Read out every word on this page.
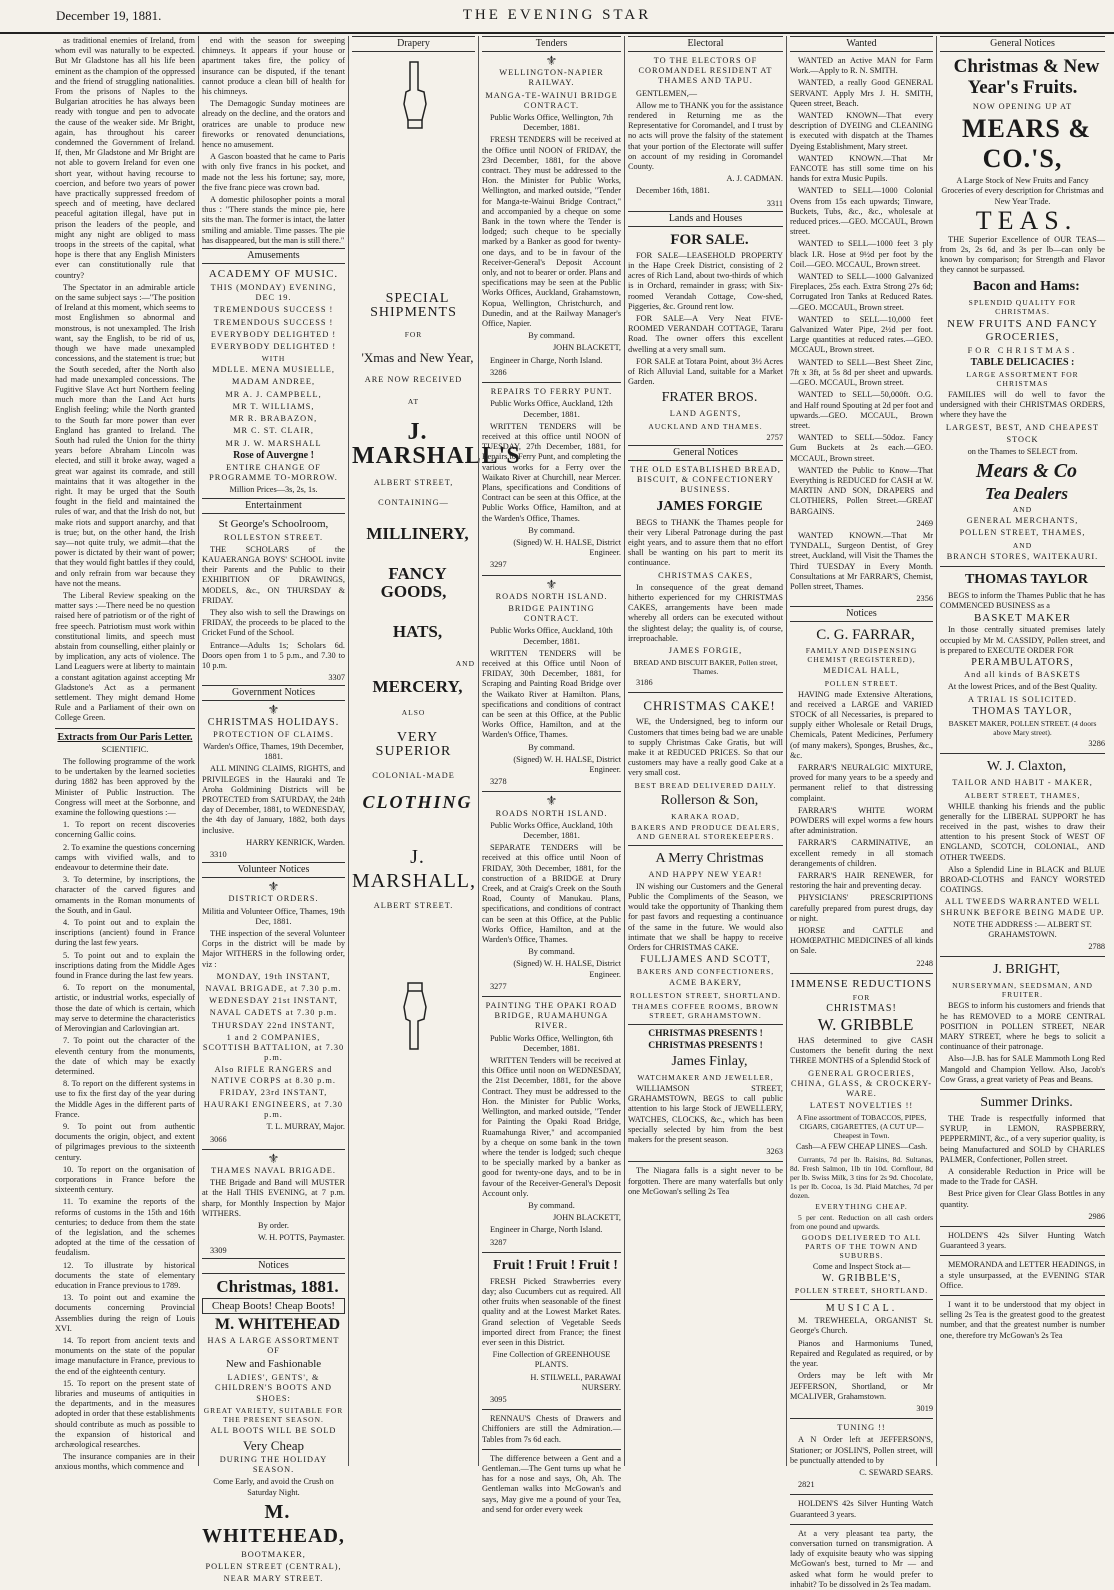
December 19, 1881.	THE EVENING STAR

as traditional enemies of Ireland, from whom evil was naturally to be expected. But Mr Gladstone has all his life been eminent as the champion of the oppressed and the friend of struggling nationalities. From the prisons of Naples to the Bulgarian atrocities he has always been ready with tongue and pen to advocate the cause of the weaker side. Mr Bright, again, has throughout his career condemned the Government of Ireland. If, then, Mr Gladstone and Mr Bright are not able to govern Ireland for even one short year, without having recourse to coercion, and before two years of power have practically suppressed freedom of speech and of meeting, have declared peaceful agitation illegal, have put in prison the leaders of the people, and might any night are obliged to mass troops in the streets of the capital, what hope is there that any English Ministers ever can constitutionally rule that country?

The Spectator in an admirable article on the same subject says :—"The position of Ireland at this moment, which seems to most Englishmen so abnormal and monstrous, is not unexampled. The Irish want, say the English, to be rid of us, though we have made unexampled concessions, and the statement is true; but the South seceded, after the North also had made unexampled concessions. The Fugitive Slave Act hurt Northern feeling much more than the Land Act hurts English feeling; while the North granted to the South far more power than ever England has granted to Ireland. The South had ruled the Union for the thirty years before Abraham Lincoln was elected, and still it broke away, waged a great war against its comrade, and still maintains that it was altogether in the right. It may be urged that the South fought in the field and maintained the rules of war, and that the Irish do not, but make riots and support anarchy, and that is true; but, on the other hand, the Irish say—not quite truly, we admit—that the power is dictated by their want of power; that they would fight battles if they could, and only refrain from war because they have not the means.

The Liberal Review speaking on the matter says :—There need be no question raised here of patriotism or of the right of free speech. Patriotism must work within constitutional limits, and speech must abstain from counselling, either plainly or by implication, any acts of violence. The Land Leaguers were at liberty to maintain a constant agitation against accepting Mr Gladstone's Act as a permanent settlement. They might demand Home Rule and a Parliament of their own on College Green.

Extracts from Our Paris Letter.

SCIENTIFIC.

The following programme of the work to be undertaken by the learned societies during 1882 has been approved by the Minister of Public Instruction. The Congress will meet at the Sorbonne, and examine the following questions :—

1. To report on recent discoveries concerning Gallic coins.

2. To examine the questions concerning camps with vivified walls, and to endeavour to determine their date.

3. To determine, by inscriptions, the character of the carved figures and ornaments in the Roman monuments of the South, and in Gaul.

4. To point out and to explain the inscriptions (ancient) found in France during the last few years.

5. To point out and to explain the inscriptions dating from the Middle Ages found in France during the last few years.

6. To report on the monumental, artistic, or industrial works, especially of those the date of which is certain, which may serve to determine the characteristics of Merovingian and Carlovingian art.

7. To point out the character of the eleventh century from the monuments, the date of which may be exactly determined.

8. To report on the different systems in use to fix the first day of the year during the Middle Ages in the different parts of France.

9. To point out from authentic documents the origin, object, and extent of pilgrimages previous to the sixteenth century.

10. To report on the organisation of corporations in France before the sixteenth century.

11. To examine the reports of the reforms of customs in the 15th and 16th centuries; to deduce from them the state of the legislation, and the schemes adopted at the time of the cessation of feudalism.

12. To illustrate by historical documents the state of elementary education in France previous to 1789.

13. To point out and examine the documents concerning Provincial Assemblies during the reign of Louis XVI.

14. To report from ancient texts and monuments on the state of the popular image manufacture in France, previous to the end of the eighteenth century.

15. To report on the present state of libraries and museums of antiquities in the departments, and in the measures adopted in order that these establishments should contribute as much as possible to the expansion of historical and archæological researches.

The insurance companies are in their anxious months, which commence and

end with the season for sweeping chimneys. It appears if your house or apartment takes fire, the policy of insurance can be disputed, if the tenant cannot produce a clean bill of health for his chimneys.

The Demagogic Sunday motinees are already on the decline, and the orators and oratrices are unable to produce new fireworks or renovated denunciations, hence no amusement.

A Gascon boasted that he came to Paris with only five francs in his pocket, and made not the less his fortune; say, more, the five franc piece was crown bad.

A domestic philosopher points a moral thus : "There stands the mince pie, here sits the man. The former is intact, the latter smiling and amiable. Time passes. The pie has disappeared, but the man is still there."

Amusements

ACADEMY OF MUSIC.

THIS (MONDAY) EVENING, DEC 19.

TREMENDOUS SUCCESS !

TREMENDOUS SUCCESS !

EVERYBODY DELIGHTED !

EVERYBODY DELIGHTED !

WITH

MDLLE. MENA MUSIELLE,

MADAM ANDREE,

MR A. J. CAMPBELL,

MR T. WILLIAMS,

MR R. BRABAZON,

MR C. ST. CLAIR,

MR J. W. MARSHALL

Rose of Auvergne !

ENTIRE CHANGE OF PROGRAMME TO-MORROW.

Million Prices—3s, 2s, 1s.

Entertainment

St George's Schoolroom,

ROLLESTON STREET.

THE SCHOLARS of the KAUAERANGA BOYS' SCHOOL invite their Parents and the Public to their EXHIBITION OF DRAWINGS, MODELS, &c., ON THURSDAY & FRIDAY.

They also wish to sell the Drawings on FRIDAY, the proceeds to be placed to the Cricket Fund of the School.

Entrance—Adults 1s; Scholars 6d. Doors open from 1 to 5 p.m., and 7.30 to 10 p.m.

3307

Government Notices

⚜

CHRISTMAS HOLIDAYS.

PROTECTION OF CLAIMS.

Warden's Office, Thames, 19th December, 1881.

ALL MINING CLAIMS, RIGHTS, and PRIVILEGES in the Hauraki and Te Aroha Goldmining Districts will be PROTECTED from SATURDAY, the 24th day of December, 1881, to WEDNESDAY, the 4th day of January, 1882, both days inclusive.

HARRY KENRICK, Warden.

3310

Volunteer Notices

⚜

DISTRICT ORDERS.

Militia and Volunteer Office, Thames, 19th Dec, 1881.

THE inspection of the several Volunteer Corps in the district will be made by Major WITHERS in the following order, viz :

MONDAY, 19th INSTANT,

NAVAL BRIGADE, at 7.30 p.m.

WEDNESDAY 21st INSTANT,

NAVAL CADETS at 7.30 p.m.

THURSDAY 22nd INSTANT,

1 and 2 COMPANIES, SCOTTISH BATTALION, at 7.30 p.m.

Also RIFLE RANGERS and NATIVE CORPS at 8.30 p.m.

FRIDAY, 23rd INSTANT,

HAURAKI ENGINEERS, at 7.30 p.m.

T. L. MURRAY, Major.

3066

⚜

THAMES NAVAL BRIGADE.

THE Brigade and Band will MUSTER at the Hall THIS EVENING, at 7 p.m. sharp, for Monthly Inspection by Major WITHERS.

By order.

W. H. POTTS, Paymaster.

3309

Notices

Christmas, 1881.

Cheap Boots! Cheap Boots!

M. WHITEHEAD

HAS A LARGE ASSORTMENT OF

New and Fashionable

LADIES', GENTS', & CHILDREN'S BOOTS AND SHOES:

GREAT VARIETY, SUITABLE FOR THE PRESENT SEASON.

ALL BOOTS WILL BE SOLD

Very Cheap

DURING THE HOLIDAY SEASON.

Come Early, and avoid the Crush on Saturday Night.

M. WHITEHEAD,

BOOTMAKER,

POLLEN STREET (CENTRAL),

NEAR MARY STREET.

Drapery

SPECIAL SHIPMENTS

FOR

'Xmas and New Year,

ARE NOW RECEIVED

AT

J. MARSHALL'S

ALBERT STREET,

CONTAINING—

MILLINERY,

FANCY GOODS,

HATS,

AND

MERCERY,

ALSO

VERY SUPERIOR

COLONIAL-MADE

CLOTHING

J. MARSHALL,

ALBERT STREET.

Tenders

⚜

WELLINGTON-NAPIER RAILWAY.

MANGA-TE-WAINUI BRIDGE CONTRACT.

Public Works Office, Wellington, 7th December, 1881.

FRESH TENDERS will be received at the Office until NOON of FRIDAY, the 23rd December, 1881, for the above contract. They must be addressed to the Hon. the Minister for Public Works, Wellington, and marked outside, "Tender for Manga-te-Wainui Bridge Contract," and accompanied by a cheque on some Bank in the town where the Tender is lodged; such cheque to be specially marked by a Banker as good for twenty-one days, and to be in favour of the Receiver-General's Deposit Account only, and not to bearer or order. Plans and specifications may be seen at the Public Works Offices, Auckland, Grahamstown, Kopua, Wellington, Christchurch, and Dunedin, and at the Railway Manager's Office, Napier.

By command.

JOHN BLACKETT,

Engineer in Charge, North Island.

3286

REPAIRS TO FERRY PUNT.

Public Works Office, Auckland, 12th December, 1881.

WRITTEN TENDERS will be received at this office until NOON of TUESDAY, 27th December, 1881, for Repairs to Ferry Punt, and completing the various works for a Ferry over the Waikato River at Churchill, near Mercer. Plans, specifications and Conditions of Contract can be seen at this Office, at the Public Works Office, Hamilton, and at the Warden's Office, Thames.

By command.

(Signed) W. H. HALSE, District Engineer.

3297

⚜

ROADS NORTH ISLAND.

BRIDGE PAINTING CONTRACT.

Public Works Office, Auckland, 10th December, 1881.

WRITTEN TENDERS will be received at this Office until Noon of FRIDAY, 30th December, 1881, for Scraping and Painting Road Bridge over the Waikato River at Hamilton. Plans, specifications and conditions of contract can be seen at this Office, at the Public Works Office, Hamilton, and at the Warden's Office, Thames.

By command.

(Signed) W. H. HALSE, District Engineer.

3278

⚜

ROADS NORTH ISLAND.

Public Works Office, Auckland, 10th December, 1881.

SEPARATE TENDERS will be received at this office until Noon of FRIDAY, 30th December, 1881, for the construction of a BRIDGE at Drury Creek, and at Craig's Creek on the South Road, County of Manukau. Plans, specifications, and conditions of contract can be seen at this Office, at the Public Works Office, Hamilton, and at the Warden's Office, Thames.

By command.

(Signed) W. H. HALSE, District Engineer.

3277

PAINTING THE OPAKI ROAD BRIDGE, RUAMAHUNGA RIVER.

Public Works Office, Wellington, 6th December, 1881.

WRITTEN Tenders will be received at this Office until noon on WEDNESDAY, the 21st December, 1881, for the above Contract. They must be addressed to the Hon. the Minister for Public Works, Wellington, and marked outside, "Tender for Painting the Opaki Road Bridge, Ruamahunga River," and accompanied by a cheque on some bank in the town where the tender is lodged; such cheque to be specially marked by a banker as good for twenty-one days, and to be in favour of the Receiver-General's Deposit Account only.

By command.

JOHN BLACKETT,

Engineer in Charge, North Island.

3287

Fruit ! Fruit ! Fruit !

FRESH Picked Strawberries every day; also Cucumbers cut as required. All other fruits when seasonable of the finest quality and at the Lowest Market Rates. Grand selection of Vegetable Seeds imported direct from France; the finest ever seen in this District.

Fine Collection of GREENHOUSE PLANTS.

H. STILWELL, PARAWAI NURSERY.

3095

RENNAU'S Chests of Drawers and Chiffoniers are still the Admiration.—Tables from 7s 6d each.

The difference between a Gent and a Gentleman.—The Gent turns up what he has for a nose and says, Oh, Ah. The Gentleman walks into McGowan's and says, May give me a pound of your Tea, and send for order every week

Electoral

TO THE ELECTORS OF COROMANDEL RESIDENT AT THAMES AND TAPU.

GENTLEMEN,—

Allow me to THANK you for the assistance rendered in Returning me as the Representative for Coromandel, and I trust by no acts will prove the falsity of the statement that your portion of the Electorate will suffer on account of my residing in Coromandel County.

A. J. CADMAN.

December 16th, 1881.

3311

Lands and Houses

FOR SALE.

FOR SALE—LEASEHOLD PROPERTY in the Hape Creek District, consisting of 2 acres of Rich Land, about two-thirds of which is in Orchard, remainder in grass; with Six-roomed Verandah Cottage, Cow-shed, Piggeries, &c. Ground rent low.

FOR SALE—A Very Neat FIVE-ROOMED VERANDAH COTTAGE, Tararu Road. The owner offers this excellent dwelling at a very small sum.

FOR SALE at Totara Point, about 3½ Acres of Rich Alluvial Land, suitable for a Market Garden.

FRATER BROS.

LAND AGENTS,

AUCKLAND AND THAMES.

2757

General Notices

THE OLD ESTABLISHED BREAD, BISCUIT, & CONFECTIONERY BUSINESS.

JAMES FORGIE

BEGS to THANK the Thames people for their very Liberal Patronage during the past eight years, and to assure them that no effort shall be wanting on his part to merit its continuance.

CHRISTMAS CAKES,

In consequence of the great demand hitherto experienced for my CHRISTMAS CAKES, arrangements have been made whereby all orders can be executed without the slightest delay; the quality is, of course, irreproachable.

JAMES FORGIE,

BREAD AND BISCUIT BAKER, Pollen street, Thames.

3186

CHRISTMAS CAKE!

WE, the Undersigned, beg to inform our Customers that times being bad we are unable to supply Christmas Cake Gratis, but will make it at REDUCED PRICES. So that our customers may have a really good Cake at a very small cost.

BEST BREAD DELIVERED DAILY.

Rollerson & Son,

KARAKA ROAD,

BAKERS AND PRODUCE DEALERS, AND GENERAL STOREKEEPERS.

A Merry Christmas

AND HAPPY NEW YEAR!

IN wishing our Customers and the General Public the Compliments of the Season, we would take the opportunity of Thanking them for past favors and requesting a continuance of the same in the future. We would also intimate that we shall be happy to receive Orders for CHRISTMAS CAKE.

FULLJAMES AND SCOTT,

BAKERS AND CONFECTIONERS,

ACME BAKERY,

ROLLESTON STREET, SHORTLAND.

THAMES COFFEE ROOMS, BROWN STREET, GRAHAMSTOWN.

CHRISTMAS PRESENTS !

CHRISTMAS PRESENTS !

James Finlay,

WATCHMAKER AND JEWELLER,

WILLIAMSON STREET, GRAHAMSTOWN, BEGS to call public attention to his large Stock of JEWELLERY, WATCHES, CLOCKS, &c., which has been specially selected by him from the best makers for the present season.

3263

The Niagara falls is a sight never to be forgotten. There are many waterfalls but only one McGowan's selling 2s Tea

Wanted

WANTED an Active MAN for Farm Work.—Apply to R. N. SMITH.

WANTED, a really Good GENERAL SERVANT. Apply Mrs J. H. SMITH, Queen street, Beach.

WANTED KNOWN—That every description of DYEING and CLEANING is executed with dispatch at the Thames Dyeing Establishment, Mary street.

WANTED KNOWN.—That Mr FANCOTE has still some time on his hands for extra Music Pupils.

WANTED to SELL—1000 Colonial Ovens from 15s each upwards; Tinware, Buckets, Tubs, &c., &c., wholesale at reduced prices.—GEO. MCCAUL, Brown street.

WANTED to SELL—1000 feet 3 ply black I.R. Hose at 9½d per foot by the Coil.—GEO. MCCAUL, Brown street.

WANTED to SELL—1000 Galvanized Fireplaces, 25s each. Extra Strong 27s 6d; Corrugated Iron Tanks at Reduced Rates.—GEO. MCCAUL, Brown street.

WANTED to SELL—10,000 feet Galvanized Water Pipe, 2½d per foot. Large quantities at reduced rates.—GEO. MCCAUL, Brown street.

WANTED to SELL—Best Sheet Zinc, 7ft x 3ft, at 5s 8d per sheet and upwards.—GEO. MCCAUL, Brown street.

WANTED to SELL—50,000ft. O.G. and Half round Spouting at 2d per foot and upwards.—GEO. MCCAUL, Brown street.

WANTED to SELL—50doz. Fancy Gum Buckets at 2s each.—GEO. MCCAUL, Brown street.

WANTED the Public to Know—That Everything is REDUCED for CASH at W. MARTIN AND SON, DRAPERS and CLOTHIERS, Pollen Street.—GREAT BARGAINS.

2469

WANTED KNOWN.—That Mr TYNDALL, Surgeon Dentist, of Grey street, Auckland, will Visit the Thames the Third TUESDAY in Every Month. Consultations at Mr FARRAR'S, Chemist, Pollen street, Thames.

2356

Notices

C. G. FARRAR,

FAMILY AND DISPENSING CHEMIST (REGISTERED),

MEDICAL HALL,

POLLEN STREET.

HAVING made Extensive Alterations, and received a LARGE and VARIED STOCK of all Necessaries, is prepared to supply either Wholesale or Retail Drugs, Chemicals, Patent Medicines, Perfumery (of many makers), Sponges, Brushes, &c., &c.

FARRAR'S NEURALGIC MIXTURE, proved for many years to be a speedy and permanent relief to that distressing complaint.

FARRAR'S WHITE WORM POWDERS will expel worms a few hours after administration.

FARRAR'S CARMINATIVE, an excellent remedy in all stomach derangements of children.

FARRAR'S HAIR RENEWER, for restoring the hair and preventing decay.

PHYSICIANS' PRESCRIPTIONS carefully prepared from purest drugs, day or night.

HORSE and CATTLE and HOMŒPATHIC MEDICINES of all kinds on Sale.

2248

IMMENSE REDUCTIONS

FOR

CHRISTMAS!

W. GRIBBLE

HAS determined to give CASH Customers the benefit during the next THREE MONTHS of a Splendid Stock of

GENERAL GROCERIES, CHINA, GLASS, & CROCKERY-WARE.

LATEST NOVELTIES !!

A Fine assortment of TOBACCOS, PIPES, CIGARS, CIGARETTES, (A CUT UP—Cheapest in Town.

Cash—A FEW CHEAP LINES—Cash.

Currants, 7d per lb. Raisins, 8d. Sultanas, 8d. Fresh Salmon, 1lb tin 10d. Cornflour, 8d per lb. Swiss Milk, 3 tins for 2s 9d. Chocolate, 1s per lb. Cocoa, 1s 3d. Plaid Matches, 7d per dozen.

EVERYTHING CHEAP.

5 per cent. Reduction on all cash orders from one pound and upwards.

GOODS DELIVERED TO ALL PARTS OF THE TOWN AND SUBURBS.

Come and Inspect Stock at—

W. GRIBBLE'S,

POLLEN STREET, SHORTLAND.

MUSICAL.

M. TREWHEELA, ORGANIST St. George's Church.

Pianos and Harmoniums Tuned, Repaired and Regulated as required, or by the year.

Orders may be left with Mr JEFFERSON, Shortland, or Mr MCALIVER, Grahamstown.

3019

TUNING !!

A N Order left at JEFFERSON'S, Stationer; or JOSLIN'S, Pollen street, will be punctually attended to by

C. SEWARD SEARS.

2821

HOLDEN'S 42s Silver Hunting Watch Guaranteed 3 years.

At a very pleasant tea party, the conversation turned on transmigration. A lady of exquisite beauty who was sipping McGowan's best, turned to Mr — and asked what form he would prefer to inhabit? To be dissolved in 2s Tea madam.

General Notices

Christmas & New Year's Fruits.

NOW OPENING UP AT

MEARS & CO.'S,

A Large Stock of New Fruits and Fancy Groceries of every description for Christmas and New Year Trade.

TEAS.

THE Superior Excellence of OUR TEAS—from 2s, 2s 6d, and 3s per lb—can only be known by comparison; for Strength and Flavor they cannot be surpassed.

Bacon and Hams:

SPLENDID QUALITY FOR CHRISTMAS.

NEW FRUITS AND FANCY GROCERIES,

FOR CHRISTMAS.

TABLE DELICACIES :

LARGE ASSORTMENT FOR CHRISTMAS

FAMILIES will do well to favor the undersigned with their CHRISTMAS ORDERS, where they have the

LARGEST, BEST, AND CHEAPEST

STOCK

on the Thames to SELECT from.

Mears & Co

Tea Dealers

AND

GENERAL MERCHANTS,

POLLEN STREET, THAMES,

AND

BRANCH STORES, WAITEKAURI.

THOMAS TAYLOR

BEGS to inform the Thames Public that he has COMMENCED BUSINESS as a

BASKET MAKER

In those centrally situated premises lately occupied by Mr M. CASSIDY, Pollen street, and is prepared to EXECUTE ORDER FOR

PERAMBULATORS,

And all kinds of BASKETS

At the lowest Prices, and of the Best Quality.

A TRIAL IS SOLICITED.

THOMAS TAYLOR,

BASKET MAKER, POLLEN STREET. (4 doors above Mary street).

3286

W. J. Claxton,

TAILOR AND HABIT - MAKER,

ALBERT STREET, THAMES,

WHILE thanking his friends and the public generally for the LIBERAL SUPPORT he has received in the past, wishes to draw their attention to his present Stock of WEST OF ENGLAND, SCOTCH, COLONIAL, AND OTHER TWEEDS.

Also a Splendid Line in BLACK and BLUE BROAD-CLOTHS and FANCY WORSTED COATINGS.

ALL TWEEDS WARRANTED WELL SHRUNK BEFORE BEING MADE UP.

NOTE THE ADDRESS :— ALBERT ST. GRAHAMSTOWN.

2788

J. BRIGHT,

NURSERYMAN, SEEDSMAN, AND FRUITER.

BEGS to inform his customers and friends that he has REMOVED to a MORE CENTRAL POSITION in POLLEN STREET, NEAR MARY STREET, where he begs to solicit a continuance of their patronage.

Also—J.B. has for SALE Mammoth Long Red Mangold and Champion Yellow. Also, Jacob's Cow Grass, a great variety of Peas and Beans.

Summer Drinks.

THE Trade is respectfully informed that SYRUP, in LEMON, RASPBERRY, PEPPERMINT, &c., of a very superior quality, is being Manufactured and SOLD by CHARLES PALMER, Confectioner, Pollen street.

A considerable Reduction in Price will be made to the Trade for CASH.

Best Price given for Clear Glass Bottles in any quantity.

2986

HOLDEN'S 42s Silver Hunting Watch Guaranteed 3 years.

MEMORANDA and LETTER HEADINGS, in a style unsurpassed, at the EVENING STAR Office.

I want it to be understood that my object in selling 2s Tea is the greatest good to the greatest number, and that the greatest number is number one, therefore try McGowan's 2s Tea
